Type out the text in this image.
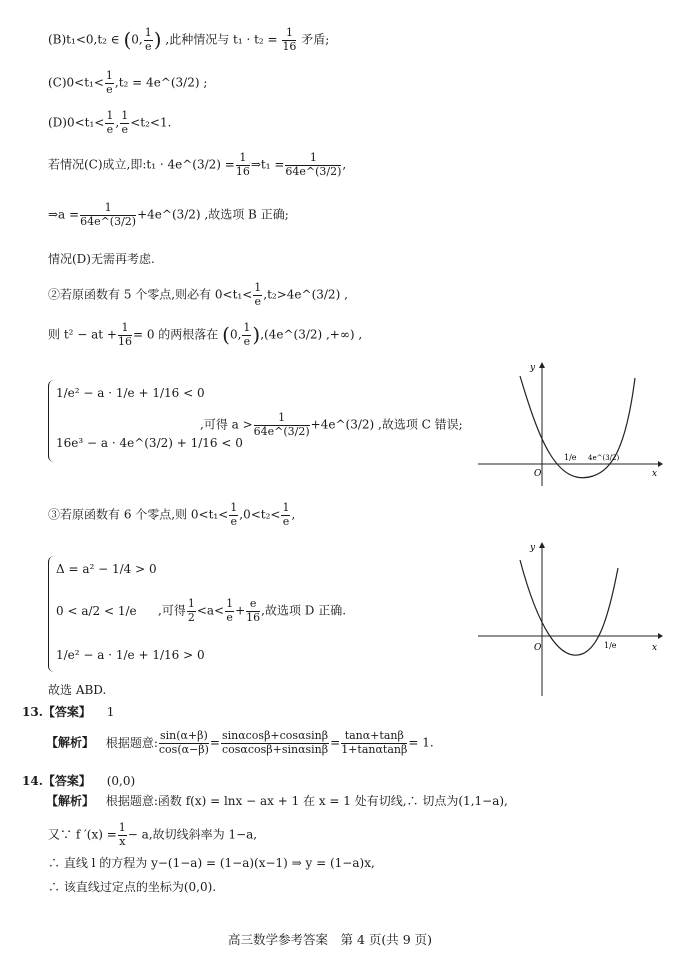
(B)t₁<0,t₂ ∈ (0, $\frac{1}{e}$ ) ,此种情况与 $t_1 \cdot t_2 = \frac{1}{16}$ 矛盾;
$(C)0<t_1< \frac{1}{e} ,t_2$ = 4e^(3/2) ;
$(D)0<t_1< \frac{1}{e}$ , $\frac{1}{e} <t_2<1$.
若情况(C)成立,即:t₁ · 4e^(3/2) = $\frac{1}{16}$ ⇒t₁ = $\frac{1}{64e\^{}(3/2)}$ ,
⇒a = $\frac{1}{64e\^{}(3/2)}$ +4e^(3/2) ,故选项 B 正确;
情况(D)无需再考虑.
②若原函数有 5 个零点,则必有 $0<t_1< \frac{1}{e}$ ,t₂>4e^(3/2) ,
则 t² − at + $\frac{1}{16} = 0$ 的两根落在 (0, $\frac{1}{e}$ ),(4e^(3/2) ,+∞) ,
1/e² − a · 1/e + 1/16 < 0
16e³ − a · 4e^(3/2) + 1/16 < 0
,可得 $a > \frac{1}{64e\^{}(3/2)}$ +4e^(3/2) ,故选项 C 错误;
③若原函数有 6 个零点,则 $0<t_1< \frac{1}{e} ,0<t_2< \frac{1}{e}$ ,
Δ = a² − 1/4 > 0
0 < a/2 < 1/e
1/e² − a · 1/e + 1/16 > 0
,可得 $\frac{1}{2} <a< \frac{1}{e} + \frac{e}{16}$ ,故选项 D 正确.
故选 ABD.
13.【答案】 1
【解析】 根据题意: $\frac{\sin(\alpha+\beta)}{\cos(\alpha-\beta)} = \frac{\sin\alpha\cos\beta+\cos\alpha\sin\beta}{\cos\alpha\cos\beta+\sin\alpha\sin\beta} = \frac{\tan\alpha+\tan\beta}{1+\tan\alpha\tan\beta} = 1$.
14.【答案】 (0,0)
【解析】 根据题意:函数 f(x) = lnx − ax + 1 在 x = 1 处有切线,∴ 切点为(1,1−a),
又∵ f $'(x) = \frac{1}{x} - a$,故切线斜率为 1−a,
∴ 直线 l 的方程为 y−(1−a) = (1−a)(x−1) ⇒ y = (1−a)x,
∴ 该直线过定点的坐标为(0,0).
高三数学参考答案　第 4 页(共 9 页)
y
x
O
1/e 4e^(3/2)
y
x
O	1/e
